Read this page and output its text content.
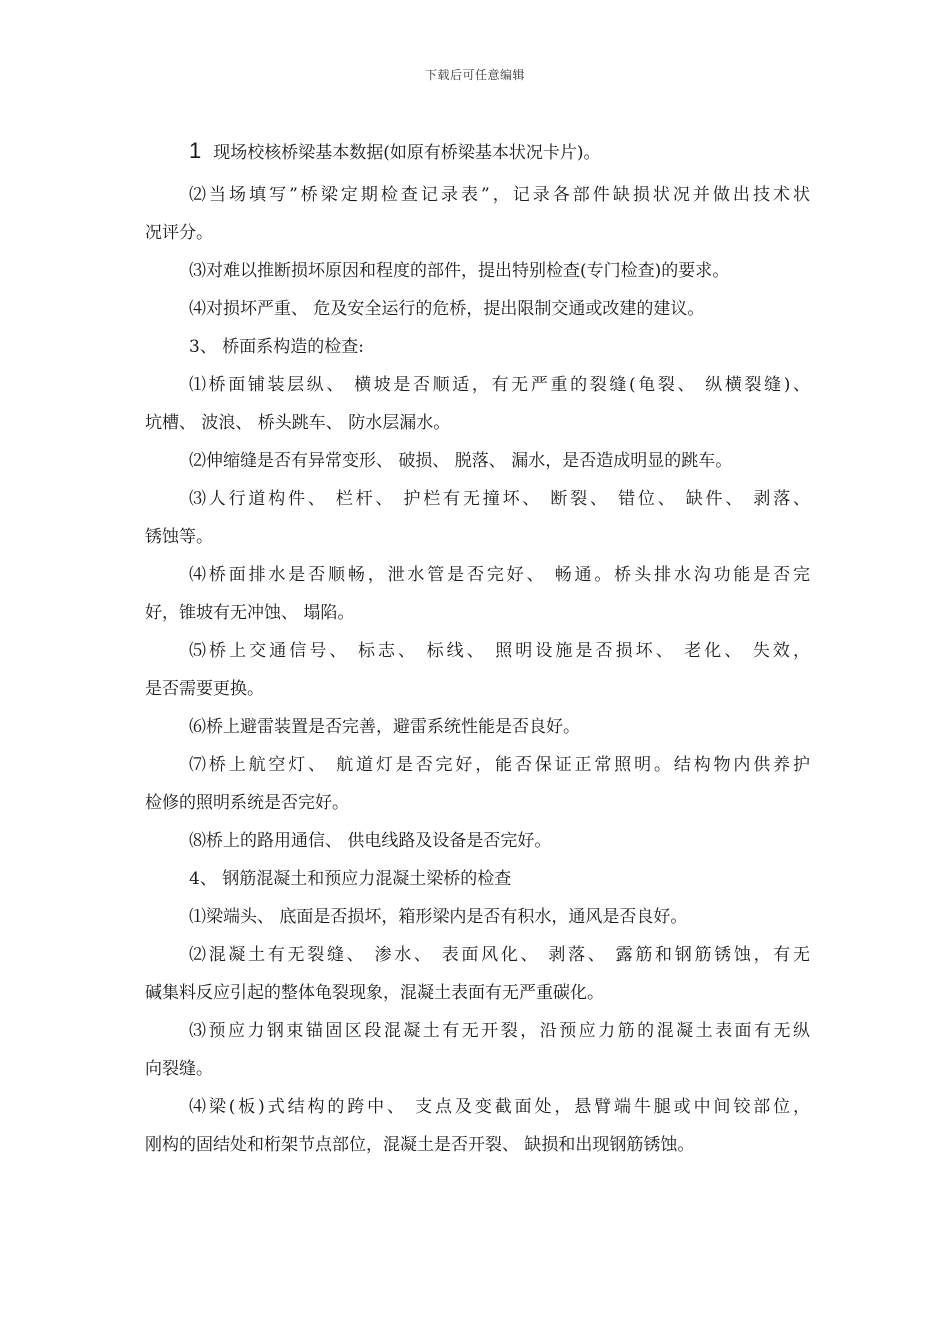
下载后可任意编辑
1 现场校核桥梁基本数据(如原有桥梁基本状况卡片)。
⑵当场填写”桥梁定期检查记录表”，记录各部件缺损状况并做出技术状
况评分。
⑶对难以推断损坏原因和程度的部件，提出特别检查(专门检查)的要求。
⑷对损坏严重、 危及安全运行的危桥，提出限制交通或改建的建议。
3、 桥面系构造的检查:
⑴桥面铺装层纵、 横坡是否顺适，有无严重的裂缝(龟裂、 纵横裂缝)、
坑槽、 波浪、 桥头跳车、 防水层漏水。
⑵伸缩缝是否有异常变形、 破损、 脱落、 漏水，是否造成明显的跳车。
⑶人行道构件、 栏杆、 护栏有无撞坏、 断裂、 错位、 缺件、 剥落、
锈蚀等。
⑷桥面排水是否顺畅，泄水管是否完好、 畅通。桥头排水沟功能是否完
好，锥坡有无冲蚀、 塌陷。
⑸桥上交通信号、 标志、 标线、 照明设施是否损坏、 老化、 失效，
是否需要更换。
⑹桥上避雷装置是否完善，避雷系统性能是否良好。
⑺桥上航空灯、 航道灯是否完好，能否保证正常照明。结构物内供养护
检修的照明系统是否完好。
⑻桥上的路用通信、 供电线路及设备是否完好。
4、 钢筋混凝土和预应力混凝土梁桥的检查
⑴梁端头、 底面是否损坏，箱形梁内是否有积水，通风是否良好。
⑵混凝土有无裂缝、 渗水、 表面风化、 剥落、 露筋和钢筋锈蚀，有无
碱集料反应引起的整体龟裂现象，混凝土表面有无严重碳化。
⑶预应力钢束锚固区段混凝土有无开裂，沿预应力筋的混凝土表面有无纵
向裂缝。
⑷梁(板)式结构的跨中、 支点及变截面处，悬臂端牛腿或中间铰部位，
刚构的固结处和桁架节点部位，混凝土是否开裂、 缺损和出现钢筋锈蚀。
